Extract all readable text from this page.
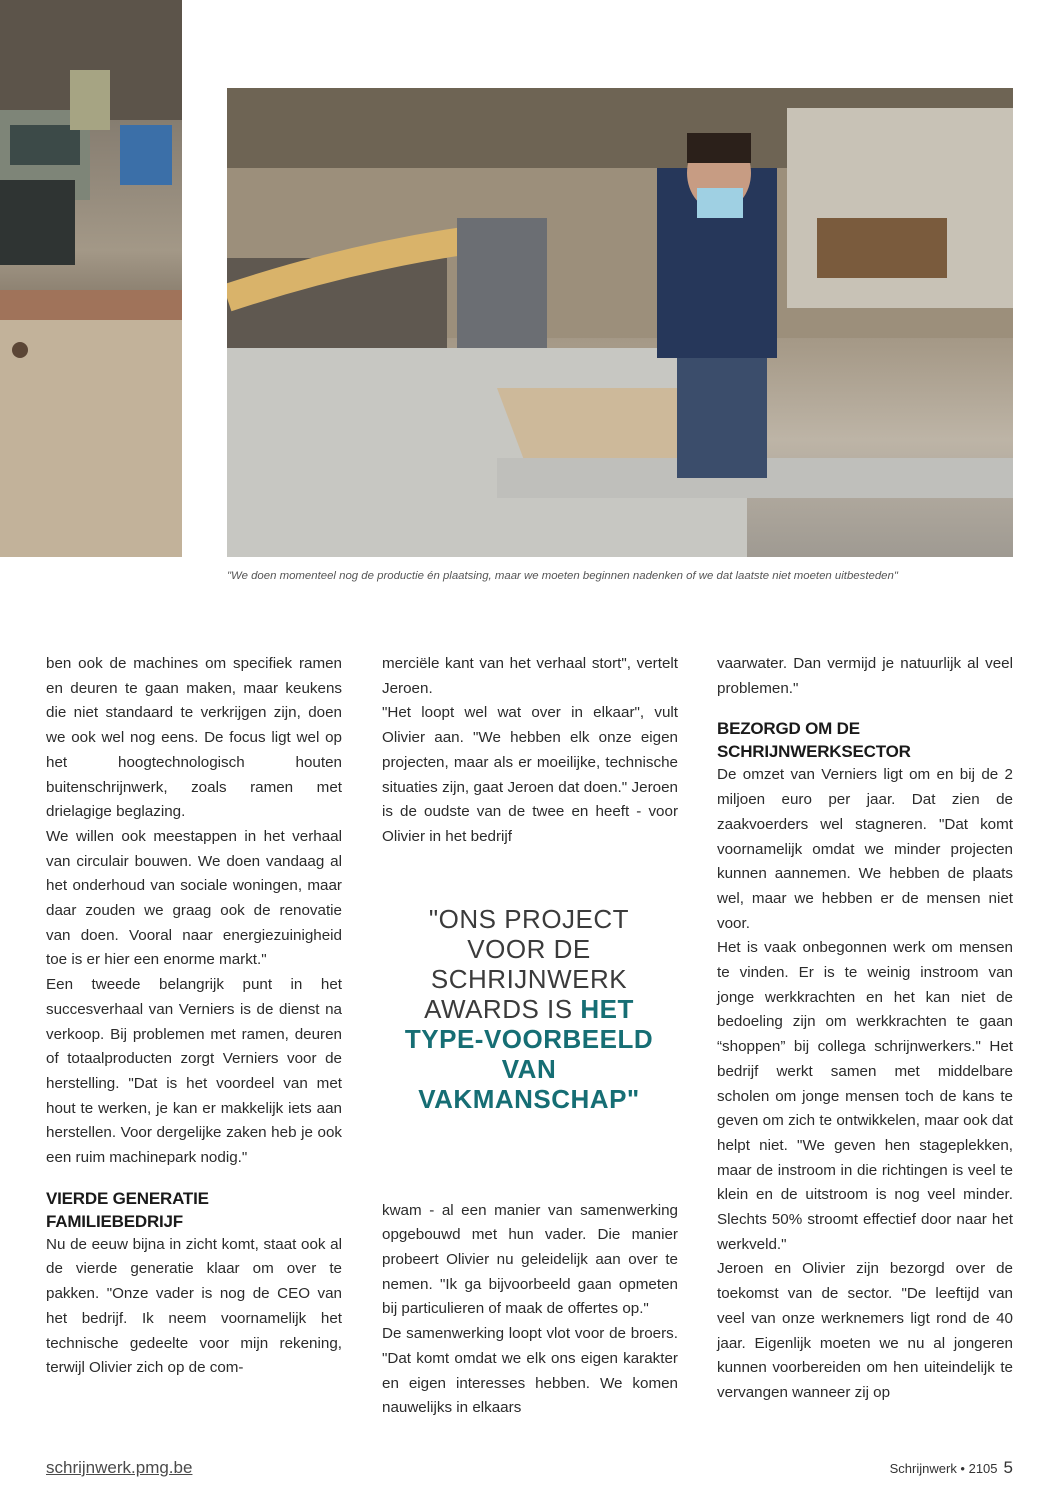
"We doen momenteel nog de productie én plaatsing, maar we moeten beginnen nadenken of we dat laatste niet moeten uitbesteden"

ben ook de machines om specifiek ramen en deuren te gaan maken, maar keukens die niet standaard te verkrijgen zijn, doen we ook wel nog eens. De focus ligt wel op het hoogtechnologisch houten buitenschrijnwerk, zoals ramen met drielagige beglazing.

We willen ook meestappen in het verhaal van circulair bouwen. We doen vandaag al het onderhoud van sociale woningen, maar daar zouden we graag ook de renovatie van doen. Vooral naar energiezuinigheid toe is er hier een enorme markt."

Een tweede belangrijk punt in het succesverhaal van Verniers is de dienst na verkoop. Bij problemen met ramen, deuren of totaalproducten zorgt Verniers voor de herstelling. "Dat is het voordeel van met hout te werken, je kan er makkelijk iets aan herstellen. Voor dergelijke zaken heb je ook een ruim machinepark nodig."

VIERDE GENERATIE FAMILIEBEDRIJF

Nu de eeuw bijna in zicht komt, staat ook al de vierde generatie klaar om over te pakken. "Onze vader is nog de CEO van het bedrijf. Ik neem voornamelijk het technische gedeelte voor mijn rekening, terwijl Olivier zich op de com-

merciële kant van het verhaal stort", vertelt Jeroen.

"Het loopt wel wat over in elkaar", vult Olivier aan. "We hebben elk onze eigen projecten, maar als er moeilijke, technische situaties zijn, gaat Jeroen dat doen." Jeroen is de oudste van de twee en heeft - voor Olivier in het bedrijf

kwam - al een manier van samenwerking opgebouwd met hun vader. Die manier probeert Olivier nu geleidelijk aan over te nemen. "Ik ga bijvoorbeeld gaan opmeten bij particulieren of maak de offertes op."

De samenwerking loopt vlot voor de broers. "Dat komt omdat we elk ons eigen karakter en eigen interesses hebben. We komen nauwelijks in elkaars

"ONS PROJECT VOOR DE SCHRIJNWERK AWARDS IS HET TYPE-VOORBEELD VAN VAKMANSCHAP"

vaarwater. Dan vermijd je natuurlijk al veel problemen."

BEZORGD OM DE SCHRIJNWERKSECTOR

De omzet van Verniers ligt om en bij de 2 miljoen euro per jaar. Dat zien de zaakvoerders wel stagneren. "Dat komt voornamelijk omdat we minder projecten kunnen aannemen. We hebben de plaats wel, maar we hebben er de mensen niet voor.

Het is vaak onbegonnen werk om mensen te vinden. Er is te weinig instroom van jonge werkkrachten en het kan niet de bedoeling zijn om werkkrachten te gaan “shoppen” bij collega schrijnwerkers." Het bedrijf werkt samen met middelbare scholen om jonge mensen toch de kans te geven om zich te ontwikkelen, maar ook dat helpt niet. "We geven hen stageplekken, maar de instroom in die richtingen is veel te klein en de uitstroom is nog veel minder. Slechts 50% stroomt effectief door naar het werkveld."

Jeroen en Olivier zijn bezorgd over de toekomst van de sector. "De leeftijd van veel van onze werknemers ligt rond de 40 jaar. Eigenlijk moeten we nu al jongeren kunnen voorbereiden om hen uiteindelijk te vervangen wanneer zij op

schrijnwerk.pmg.be	Schrijnwerk • 2105 5
